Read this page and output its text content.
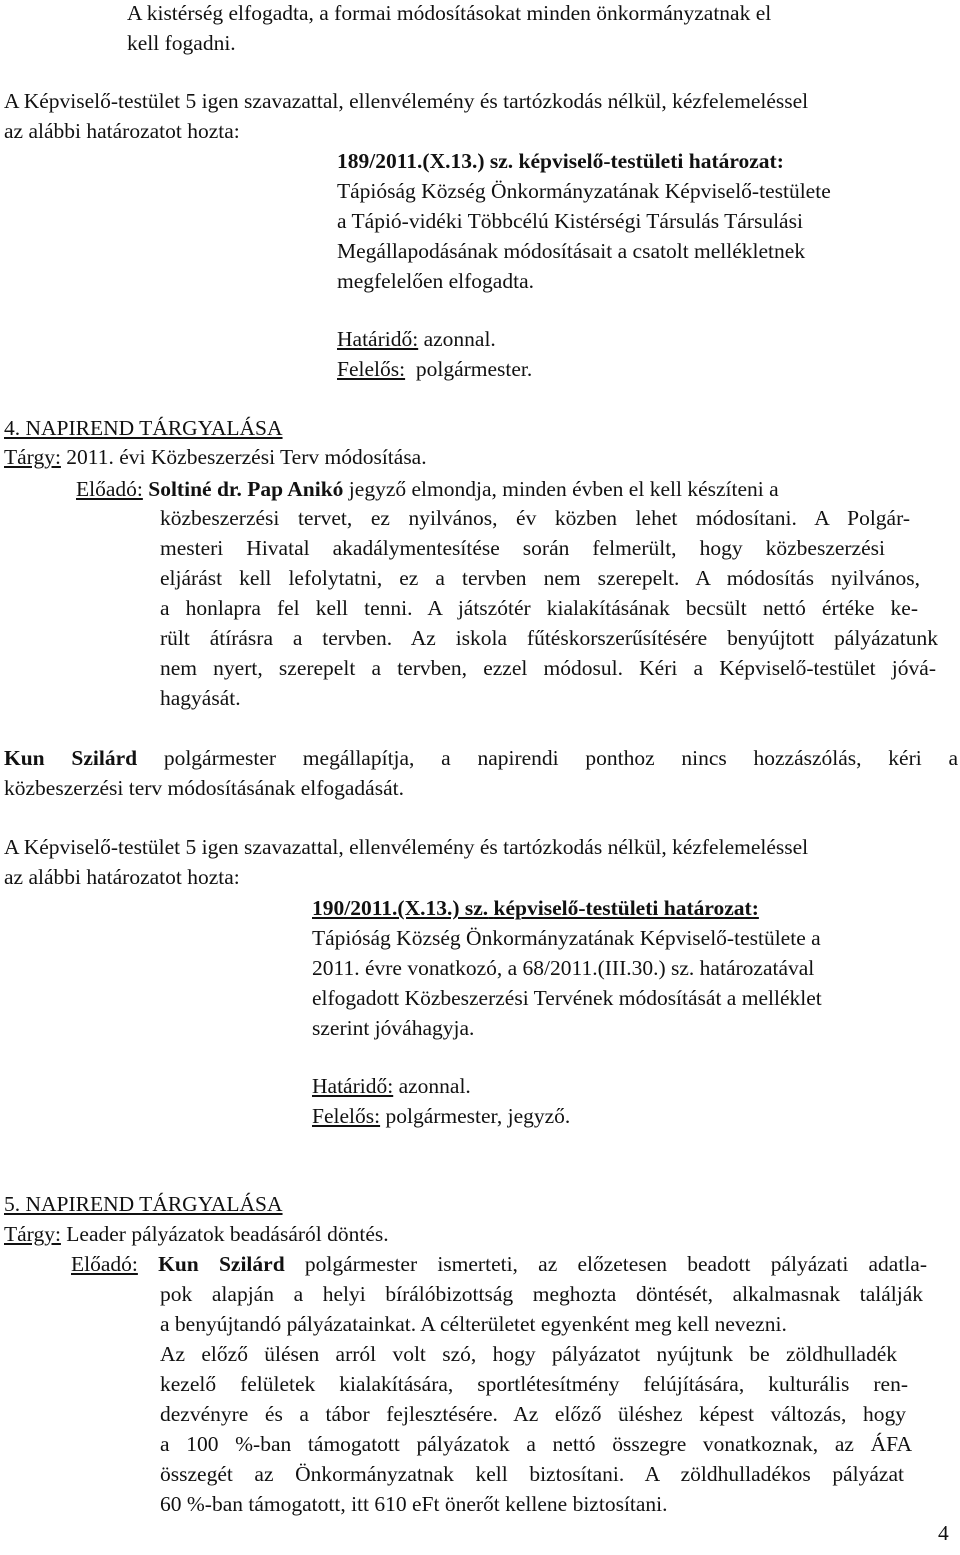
A kistérség elfogadta, a formai módosításokat minden önkormányzatnak el
kell fogadni.
A Képviselő-testület 5 igen szavazattal, ellenvélemény és tartózkodás nélkül, kézfelemeléssel
az alábbi határozatot hozta:
189/2011.(X.13.) sz. képviselő-testületi határozat:
Tápióság Község Önkormányzatának Képviselő-testülete
a Tápió-vidéki Többcélú Kistérségi Társulás Társulási
Megállapodásának módosításait a csatolt mellékletnek
megfelelően elfogadta.
Határidő: azonnal.
Felelős: polgármester.
4. NAPIREND TÁRGYALÁSA
Tárgy: 2011. évi Közbeszerzési Terv módosítása.
Előadó: Soltiné dr. Pap Anikó jegyző elmondja, minden évben el kell készíteni a
közbeszerzési tervet, ez nyilvános, év közben lehet módosítani. A Polgár-
mesteri Hivatal akadálymentesítése során felmerült, hogy közbeszerzési
eljárást kell lefolytatni, ez a tervben nem szerepelt. A módosítás nyilvános,
a honlapra fel kell tenni. A játszótér kialakításának becsült nettó értéke ke-
rült átírásra a tervben. Az iskola fűtéskorszerűsítésére benyújtott pályázatunk
nem nyert, szerepelt a tervben, ezzel módosul. Kéri a Képviselő-testület jóvá-
hagyását.
Kun Szilárd polgármester megállapítja, a napirendi ponthoz nincs hozzászólás, kéri a
közbeszerzési terv módosításának elfogadását.
A Képviselő-testület 5 igen szavazattal, ellenvélemény és tartózkodás nélkül, kézfelemeléssel
az alábbi határozatot hozta:
190/2011.(X.13.) sz. képviselő-testületi határozat:
Tápióság Község Önkormányzatának Képviselő-testülete a
2011. évre vonatkozó, a 68/2011.(III.30.) sz. határozatával
elfogadott Közbeszerzési Tervének módosítását a melléklet
szerint jóváhagyja.
Határidő: azonnal.
Felelős: polgármester, jegyző.
5. NAPIREND TÁRGYALÁSA
Tárgy: Leader pályázatok beadásáról döntés.
Előadó: Kun Szilárd polgármester ismerteti, az előzetesen beadott pályázati adatla-
pok alapján a helyi bírálóbizottság meghozta döntését, alkalmasnak találják
a benyújtandó pályázatainkat. A célterületet egyenként meg kell nevezni.
Az előző ülésen arról volt szó, hogy pályázatot nyújtunk be zöldhulladék
kezelő felületek kialakítására, sportlétesítmény felújítására, kulturális ren-
dezvényre és a tábor fejlesztésére. Az előző üléshez képest változás, hogy
a 100 %-ban támogatott pályázatok a nettó összegre vonatkoznak, az ÁFA
összegét az Önkormányzatnak kell biztosítani. A zöldhulladékos pályázat
60 %-ban támogatott, itt 610 eFt önerőt kellene biztosítani.
4
